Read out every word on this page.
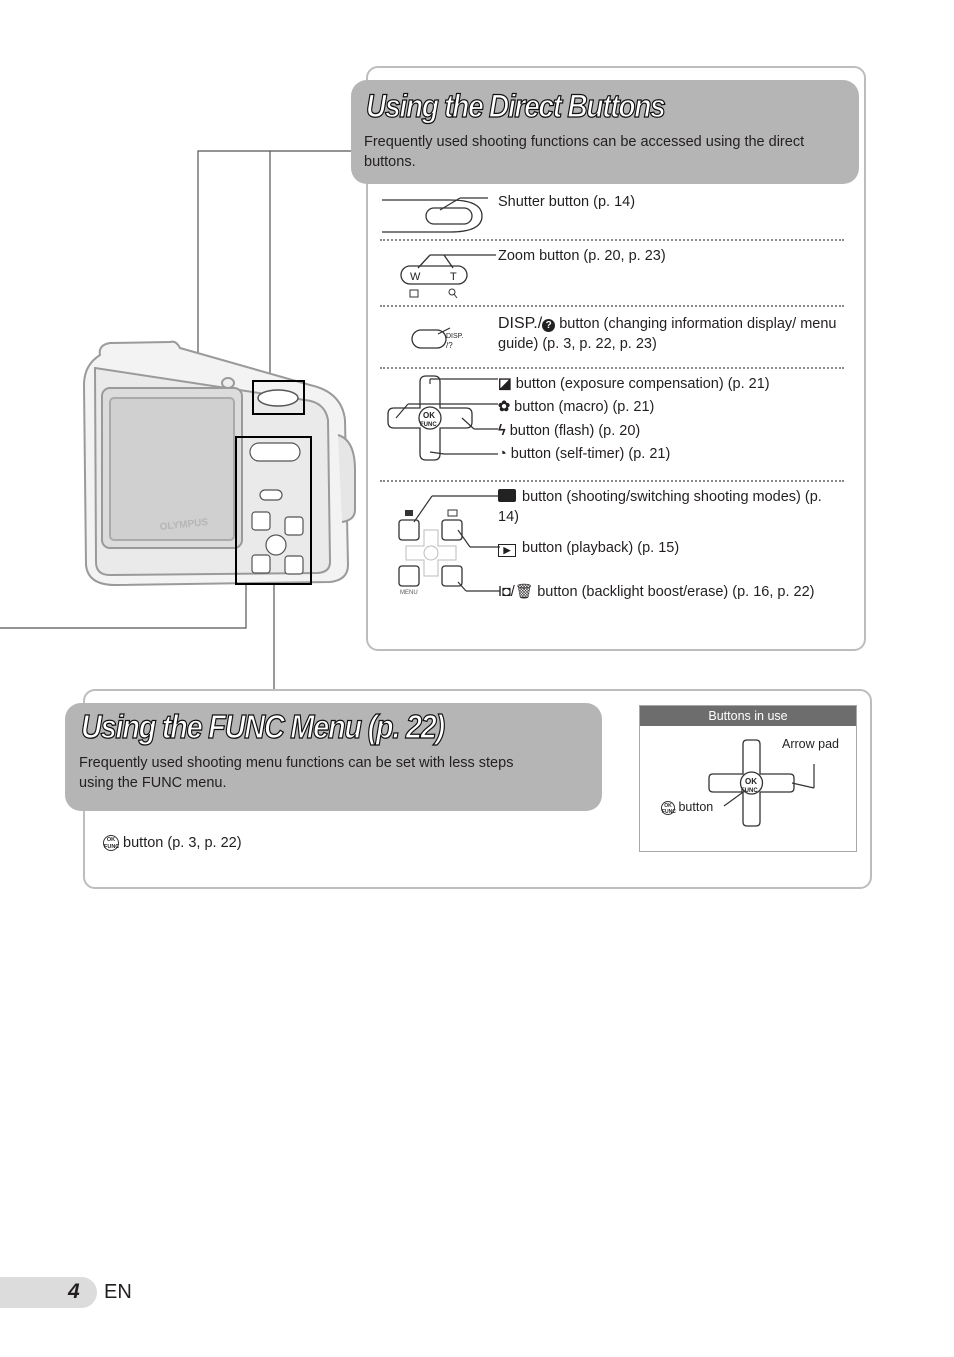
OLYMPUS
Using the Direct Buttons
Frequently used shooting functions can be accessed using the direct buttons.
Shutter button (p. 14)
W	T
Zoom button (p. 20, p. 23)
DISP.
/?
DISP./ ? button (changing information display/ menu guide) (p. 3, p. 22, p. 23)
OK
FUNC
◪ button (exposure compensation) (p. 21)
✿ button (macro) (p. 21)
ϟ button (flash) (p. 20)
◔ button (self-timer) (p. 21)
MENU
button (shooting/switching shooting modes) (p. 14)
▶ button (playback) (p. 15)
I◘/🗑 button (backlight boost/erase) (p. 16, p. 22)
Using the FUNC Menu (p. 22)
Frequently used shooting menu functions can be set with less steps using the FUNC menu.
OK
FUNC button (p. 3, p. 22)
Buttons in use
OK
FUNC
Arrow pad
OK
FUNC button
4 EN
